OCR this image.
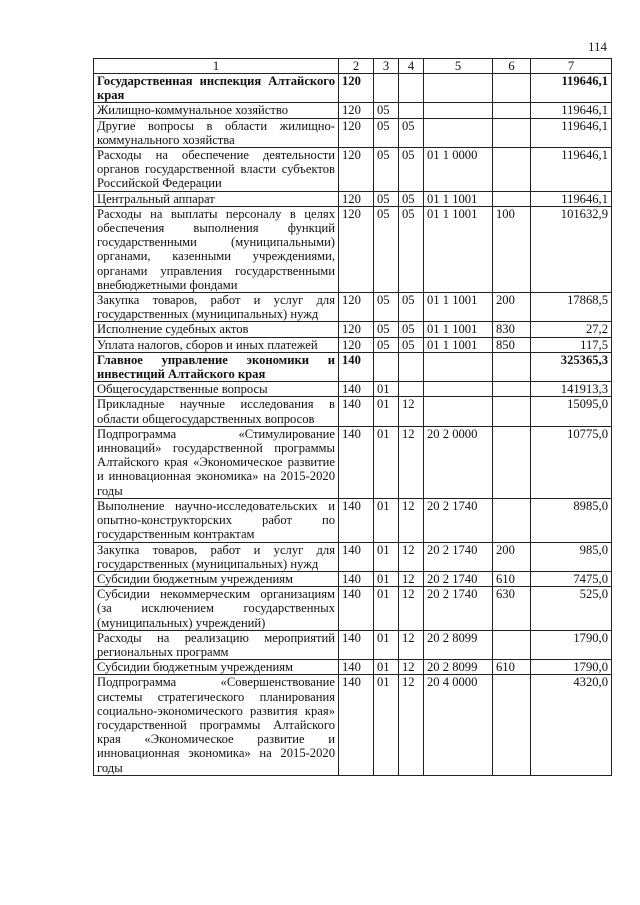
114
1	2	3	4	5	6	7
Государственная инспекция Алтайского края	120					119646,1
Жилищно-коммунальное хозяйство	120	05				119646,1
Другие вопросы в области жилищно-коммунального хозяйства	120	05	05			119646,1
Расходы на обеспечение деятельности органов государственной власти субъектов Российской Федерации	120	05	05	01 1 0000		119646,1
Центральный аппарат	120	05	05	01 1 1001		119646,1
Расходы на выплаты персоналу в целях обеспечения выполнения функций государственными (муниципальными) органами, казенными учреждениями, органами управления государственными внебюджетными фондами	120	05	05	01 1 1001	100	101632,9
Закупка товаров, работ и услуг для государственных (муниципальных) нужд	120	05	05	01 1 1001	200	17868,5
Исполнение судебных актов	120	05	05	01 1 1001	830	27,2
Уплата налогов, сборов и иных платежей	120	05	05	01 1 1001	850	117,5
Главное управление экономики и инвестиций Алтайского края	140					325365,3
Общегосударственные вопросы	140	01				141913,3
Прикладные научные исследования в области общегосударственных вопросов	140	01	12			15095,0
Подпрограмма «Стимулирование инноваций» государственной программы Алтайского края «Экономическое развитие и инновационная экономика» на 2015-2020 годы	140	01	12	20 2 0000		10775,0
Выполнение научно-исследовательских и опытно-конструкторских работ по государственным контрактам	140	01	12	20 2 1740		8985,0
Закупка товаров, работ и услуг для государственных (муниципальных) нужд	140	01	12	20 2 1740	200	985,0
Субсидии бюджетным учреждениям	140	01	12	20 2 1740	610	7475,0
Субсидии некоммерческим организациям (за исключением государственных (муниципальных) учреждений)	140	01	12	20 2 1740	630	525,0
Расходы на реализацию мероприятий региональных программ	140	01	12	20 2 8099		1790,0
Субсидии бюджетным учреждениям	140	01	12	20 2 8099	610	1790,0
Подпрограмма «Совершенствование системы стратегического планирования социально-экономического развития края» государственной программы Алтайского края «Экономическое развитие и инновационная экономика» на 2015-2020 годы	140	01	12	20 4 0000		4320,0
